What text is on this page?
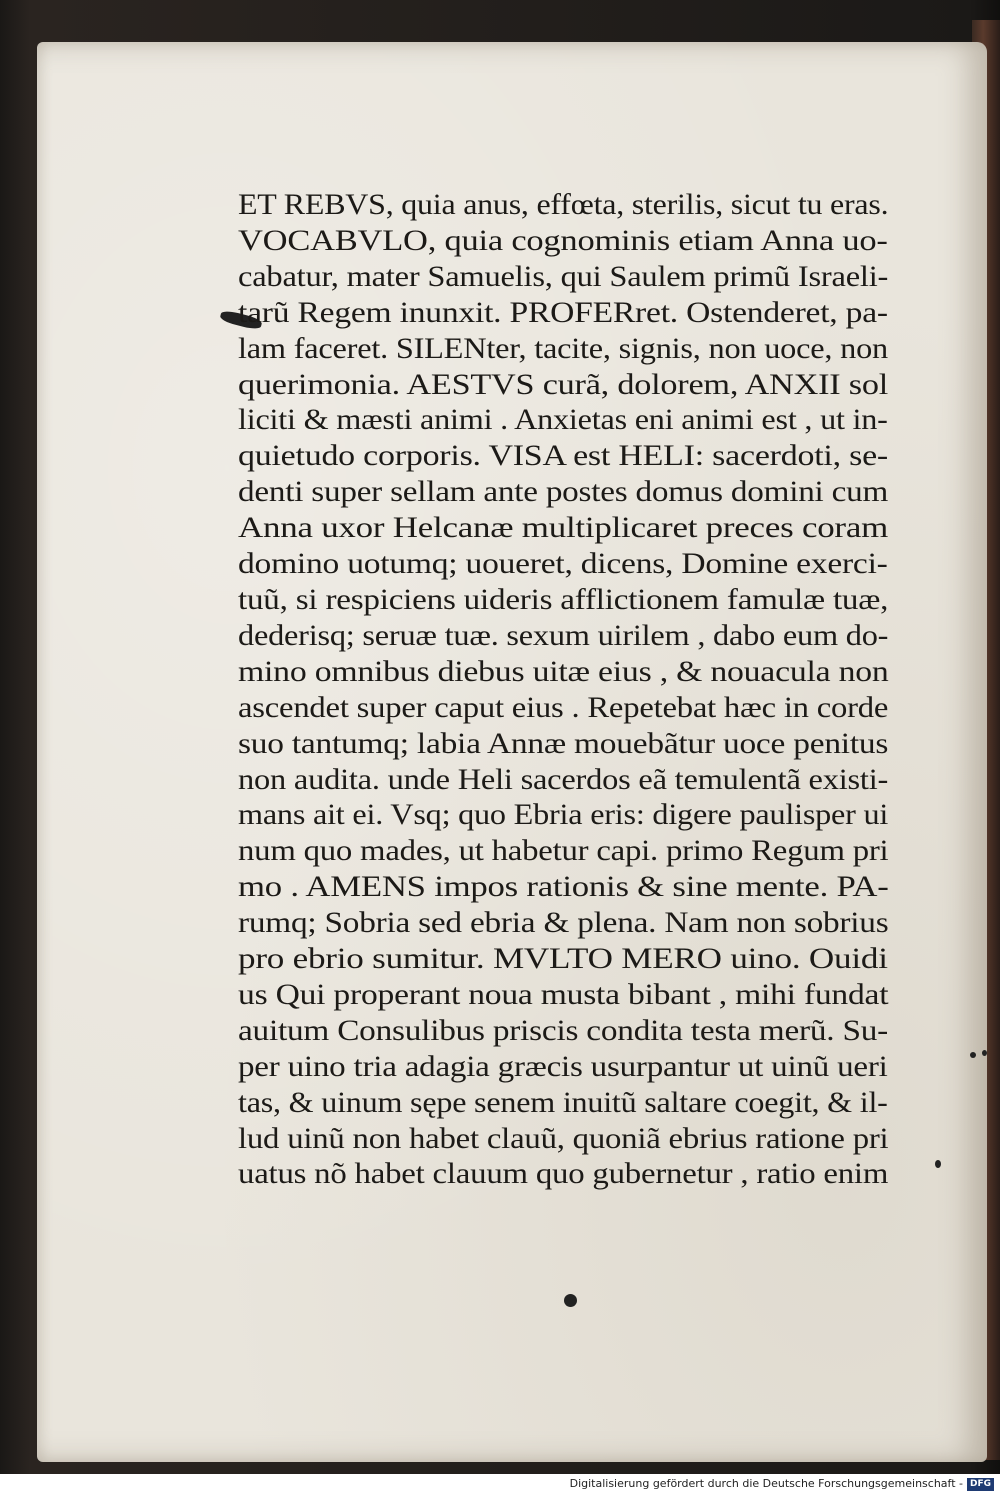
ET REBVS, quia anus, effœta, sterilis, sicut tu eras.
VOCABVLO, quia cognominis etiam Anna uo-
cabatur, mater Samuelis, qui Saulem primũ Israeli-
tarũ Regem inunxit. PROFERret. Ostenderet, pa-
lam faceret. SILENter, tacite, signis, non uoce, non
querimonia. AESTVS curã, dolorem, ANXII sol
liciti & mæsti animi . Anxietas eni animi est , ut in-
quietudo corporis. VISA est HELI: sacerdoti, se-
denti super sellam ante postes domus domini cum
Anna uxor Helcanæ multiplicaret preces coram
domino uotumq; uoueret, dicens, Domine exerci-
tuũ, si respiciens uideris afflictionem famulæ tuæ,
dederisq; seruæ tuæ. sexum uirilem , dabo eum do-
mino omnibus diebus uitæ eius , & nouacula non
ascendet super caput eius . Repetebat hæc in corde
suo tantumq; labia Annæ mouebãtur uoce penitus
non audita. unde Heli sacerdos eã temulentã existi-
mans ait ei. Vsq; quo Ebria eris: digere paulisper ui
num quo mades, ut habetur capi. primo Regum pri
mo . AMENS impos rationis & sine mente. PA-
rumq; Sobria sed ebria & plena. Nam non sobrius
pro ebrio sumitur. MVLTO MERO uino. Ouidi
us Qui properant noua musta bibant , mihi fundat
auitum Consulibus priscis condita testa merũ. Su-
per uino tria adagia græcis usurpantur ut uinũ ueri
tas, & uinum sępe senem inuitũ saltare coegit, & il-
lud uinũ non habet clauũ, quoniã ebrius ratione pri
uatus nõ habet clauum quo gubernetur , ratio enim
Digitalisierung gefördert durch die Deutsche Forschungsgemeinschaft - DFG
